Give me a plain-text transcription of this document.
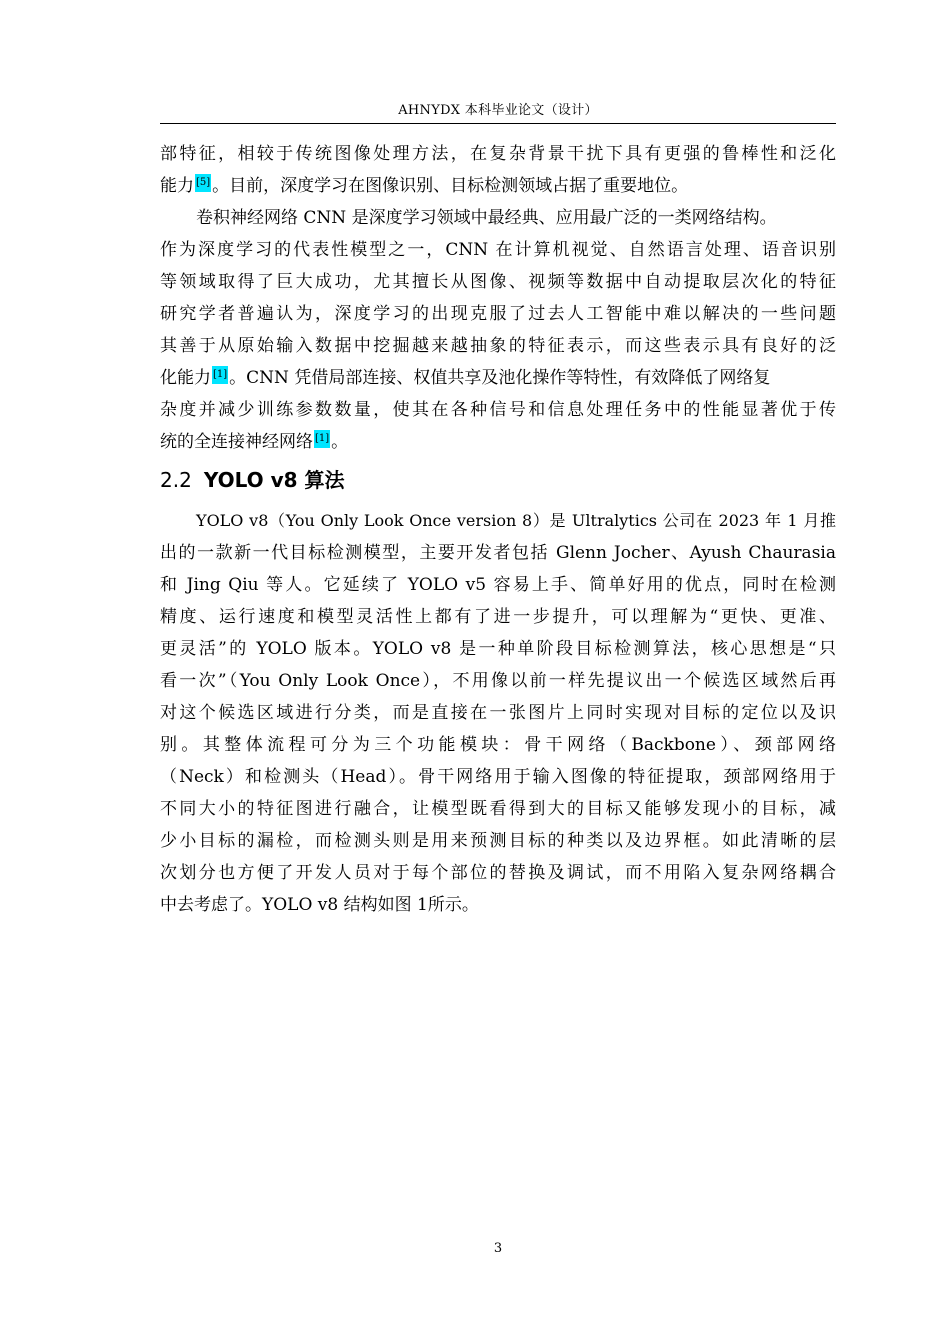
AHNYDX 本科毕业论文（设计）
部特征，相较于传统图像处理方法，在复杂背景干扰下具有更强的鲁棒性和泛化
能力 [5] 。目前，深度学习在图像识别、目标检测领域占据了重要地位。
卷积神经网络 CNN 是深度学习领域中最经典、应用最广泛的一类网络结构。
作为深度学习的代表性模型之一，CNN 在计算机视觉、自然语言处理、语音识别
等领域取得了巨大成功，尤其擅长从图像、视频等数据中自动提取层次化的特征
研究学者普遍认为，深度学习的出现克服了过去人工智能中难以解决的一些问题
其善于从原始输入数据中挖掘越来越抽象的特征表示，而这些表示具有良好的泛
化能力 [1] 。CNN 凭借局部连接、权值共享及池化操作等特性，有效降低了网络复
杂度并减少训练参数数量，使其在各种信号和信息处理任务中的性能显著优于传
统的全连接神经网络 [1] 。
2.2 YOLO v8 算法
YOLO v8（You Only Look Once version 8）是 Ultralytics 公司在 2023 年 1 月推
出的一款新一代目标检测模型，主要开发者包括 Glenn Jocher、Ayush Chaurasia
和 Jing Qiu 等人。它延续了 YOLO v5 容易上手、简单好用的优点，同时在检测
精度、运行速度和模型灵活性上都有了进一步提升，可以理解为“更快、更准、
更灵活”的 YOLO 版本。YOLO v8 是一种单阶段目标检测算法，核心思想是“只
看一次”（You Only Look Once），不用像以前一样先提议出一个候选区域然后再
对这个候选区域进行分类，而是直接在一张图片上同时实现对目标的定位以及识
别。其整体流程可分为三个功能模块：骨干网络（Backbone）、颈部网络
（Neck）和检测头（Head）。骨干网络用于输入图像的特征提取，颈部网络用于
不同大小的特征图进行融合，让模型既看得到大的目标又能够发现小的目标，减
少小目标的漏检，而检测头则是用来预测目标的种类以及边界框。如此清晰的层
次划分也方便了开发人员对于每个部位的替换及调试，而不用陷入复杂网络耦合
中去考虑了。YOLO v8 结构如图 1所示。
3
